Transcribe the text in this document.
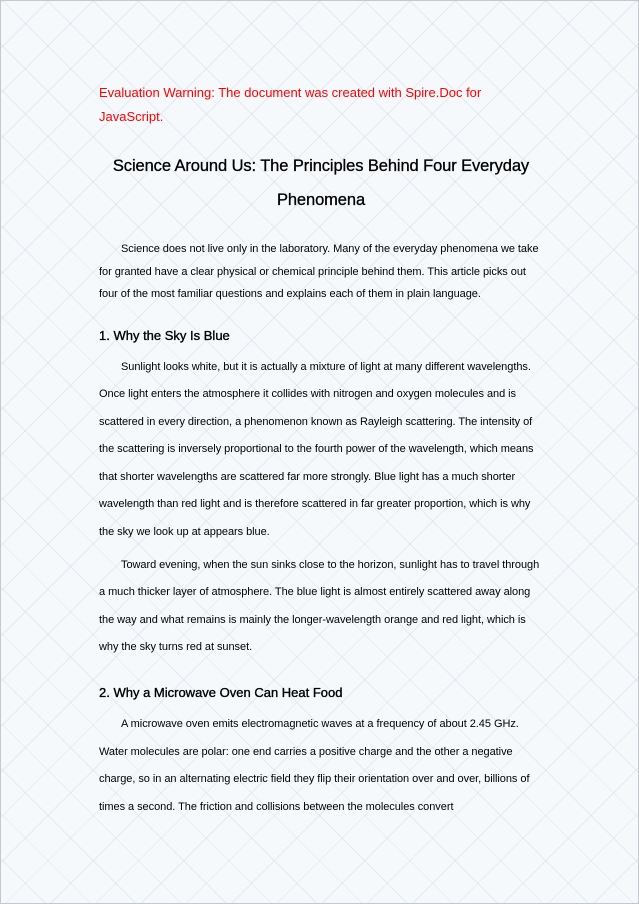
Evaluation Warning: The document was created with Spire.Doc for JavaScript.

Science Around Us: The Principles Behind Four Everyday Phenomena

Science does not live only in the laboratory. Many of the everyday phenomena we take for granted have a clear physical or chemical principle behind them. This article picks out four of the most familiar questions and explains each of them in plain language.

1. Why the Sky Is Blue

Sunlight looks white, but it is actually a mixture of light at many different wavelengths. Once light enters the atmosphere it collides with nitrogen and oxygen molecules and is scattered in every direction, a phenomenon known as Rayleigh scattering. The intensity of the scattering is inversely proportional to the fourth power of the wavelength, which means that shorter wavelengths are scattered far more strongly. Blue light has a much shorter wavelength than red light and is therefore scattered in far greater proportion, which is why the sky we look up at appears blue.

Toward evening, when the sun sinks close to the horizon, sunlight has to travel through a much thicker layer of atmosphere. The blue light is almost entirely scattered away along the way and what remains is mainly the longer-wavelength orange and red light, which is why the sky turns red at sunset.

2. Why a Microwave Oven Can Heat Food

A microwave oven emits electromagnetic waves at a frequency of about 2.45 GHz. Water molecules are polar: one end carries a positive charge and the other a negative charge, so in an alternating electric field they flip their orientation over and over, billions of times a second. The friction and collisions between the molecules convert
